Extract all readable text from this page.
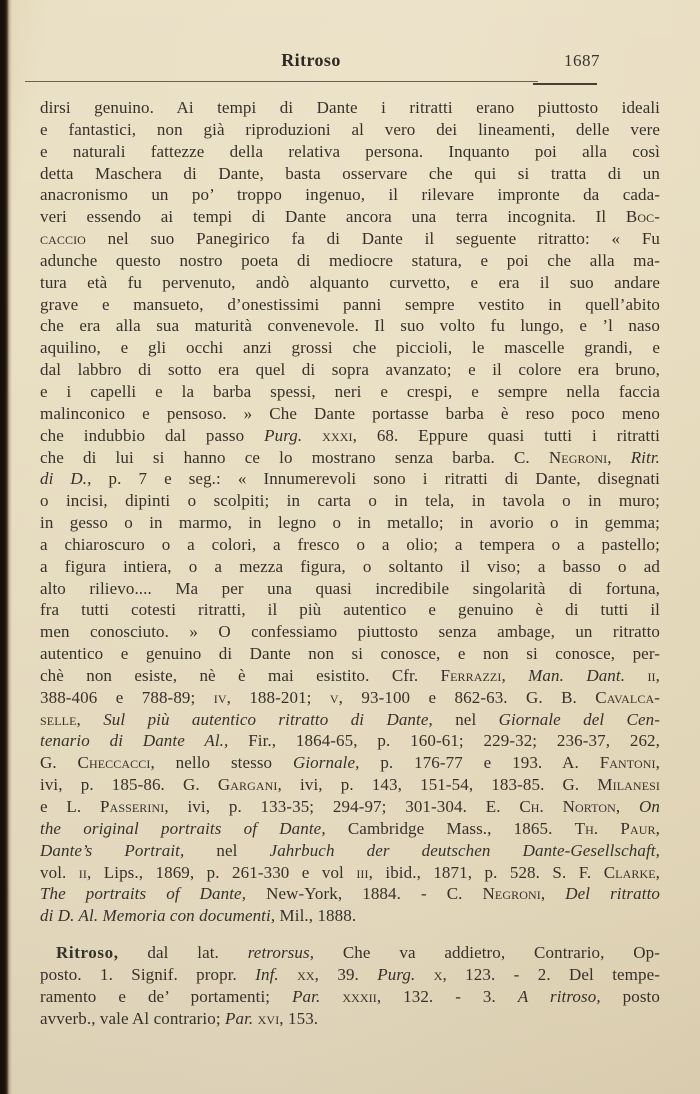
Ritroso	1687
dirsi genuino. Ai tempi di Dante i ritratti erano piuttosto ideali
e fantastici, non già riproduzioni al vero dei lineamenti, delle vere
e naturali fattezze della relativa persona. Inquanto poi alla così
detta Maschera di Dante, basta osservare che qui si tratta di un
anacronismo un po’ troppo ingenuo, il rilevare impronte da cada-
veri essendo ai tempi di Dante ancora una terra incognita. Il Boc-
caccio nel suo Panegirico fa di Dante il seguente ritratto: « Fu
adunche questo nostro poeta di mediocre statura, e poi che alla ma-
tura età fu pervenuto, andò alquanto curvetto, e era il suo andare
grave e mansueto, d’onestissimi panni sempre vestito in quell’abito
che era alla sua maturità convenevole. Il suo volto fu lungo, e ’l naso
aquilino, e gli occhi anzi grossi che piccioli, le mascelle grandi, e
dal labbro di sotto era quel di sopra avanzato; e il colore era bruno,
e i capelli e la barba spessi, neri e crespi, e sempre nella faccia
malinconico e pensoso. » Che Dante portasse barba è reso poco meno
che indubbio dal passo Purg. xxxi, 68. Eppure quasi tutti i ritratti
che di lui si hanno ce lo mostrano senza barba. C. Negroni, Ritr.
di D., p. 7 e seg.: « Innumerevoli sono i ritratti di Dante, disegnati
o incisi, dipinti o scolpiti; in carta o in tela, in tavola o in muro;
in gesso o in marmo, in legno o in metallo; in avorio o in gemma;
a chiaroscuro o a colori, a fresco o a olio; a tempera o a pastello;
a figura intiera, o a mezza figura, o soltanto il viso; a basso o ad
alto rilievo.... Ma per una quasi incredibile singolarità di fortuna,
fra tutti cotesti ritratti, il più autentico e genuino è di tutti il
men conosciuto. » O confessiamo piuttosto senza ambage, un ritratto
autentico e genuino di Dante non si conosce, e non si conosce, per-
chè non esiste, nè è mai esistito. Cfr. Ferrazzi, Man. Dant. ii,
388-406 e 788-89; iv, 188-201; v, 93-100 e 862-63. G. B. Cavalca-
selle, Sul più autentico ritratto di Dante, nel Giornale del Cen-
tenario di Dante Al., Fir., 1864-65, p. 160-61; 229-32; 236-37, 262,
G. Checcacci, nello stesso Giornale, p. 176-77 e 193. A. Fantoni,
ivi, p. 185-86. G. Gargani, ivi, p. 143, 151-54, 183-85. G. Milanesi
e L. Passerini, ivi, p. 133-35; 294-97; 301-304. E. Ch. Norton, On
the original portraits of Dante, Cambridge Mass., 1865. Th. Paur,
Dante’s Portrait, nel Jahrbuch der deutschen Dante-Gesellschaft,
vol. ii, Lips., 1869, p. 261-330 e vol iii, ibid., 1871, p. 528. S. F. Clarke,
The portraits of Dante, New-York, 1884. - C. Negroni, Del ritratto
di D. Al. Memoria con documenti, Mil., 1888.
Ritroso, dal lat. retrorsus, Che va addietro, Contrario, Op-
posto. 1. Signif. propr. Inf. xx, 39. Purg. x, 123. - 2. Del tempe-
ramento e de’ portamenti; Par. xxxii, 132. - 3. A ritroso, posto
avverb., vale Al contrario; Par. xvi, 153.
